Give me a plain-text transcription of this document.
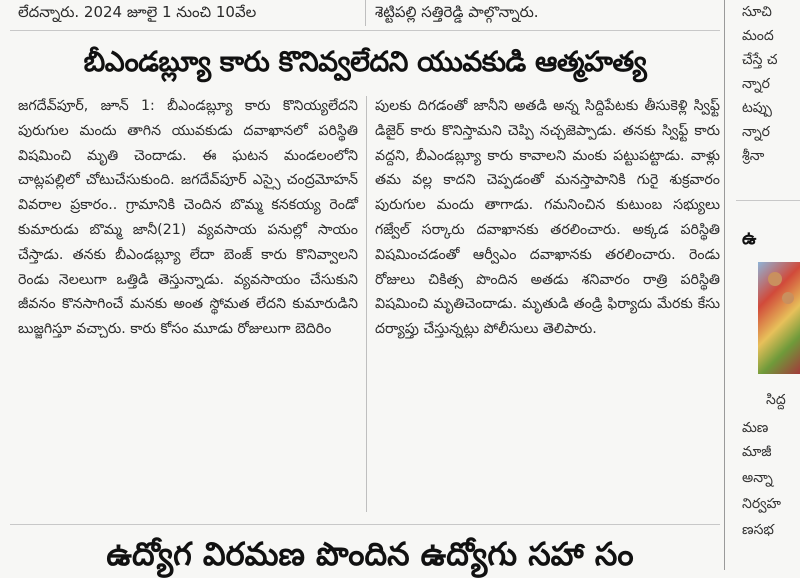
లేదన్నారు. 2024 జూలై 1 నుంచి 10వేల	శెట్టిపల్లి సత్తిరెడ్డి పాల్గొన్నారు.
బీఎండబ్ల్యూ కారు కొనివ్వలేదని యువకుడి ఆత్మహత్య

జగదేవ్‌పూర్, జూన్ 1: బీఎండబ్ల్యూ కారు కొనియ్యలేదని పురుగుల మందు తాగిన యువకుడు దవాఖానలో పరిస్థితి విషమించి మృతి చెందాడు. ఈ ఘటన మండలంలోని చాట్లపల్లిలో చోటుచేసుకుంది. జగదేవ్‌పూర్ ఎస్సై చంద్రమోహన్ వివరాల ప్రకారం.. గ్రామానికి చెందిన బొమ్మ కనకయ్య రెండో కుమారుడు బొమ్మ జానీ(21) వ్యవసాయ పనుల్లో సాయం చేస్తాడు. తనకు బీఎండబ్ల్యూ లేదా బెంజ్ కారు కొనివ్వాలని రెండు నెలలుగా ఒత్తిడి తెస్తున్నాడు. వ్యవసాయం చేసుకుని జీవనం కొనసాగించే మనకు అంత స్థోమత లేదని కుమారుడిని బుజ్జగిస్తూ వచ్చారు. కారు కోసం మూడు రోజులుగా బెదిరిం

పులకు దిగడంతో జానీని అతడి అన్న సిద్దిపేటకు తీసుకెళ్లి స్విఫ్ట్ డిజైర్ కారు కొనిస్తామని చెప్పి నచ్చజెప్పాడు. తనకు స్విఫ్ట్ కారు వద్దని, బీఎండబ్ల్యూ కారు కావాలని మంకు పట్టుపట్టాడు. వాళ్లు తమ వల్ల కాదని చెప్పడంతో మనస్తాపానికి గురై శుక్రవారం పురుగుల మందు తాగాడు. గమనించిన కుటుంబ సభ్యులు గజ్వేల్ సర్కారు దవాఖానకు తరలించారు. అక్కడ పరిస్థితి విషమించడంతో ఆర్వీఎం దవాఖానకు తరలించారు. రెండు రోజులు చికిత్స పొందిన అతడు శనివారం రాత్రి పరిస్థితి విషమించి మృతిచెందాడు. మృతుడి తండ్రి ఫిర్యాదు మేరకు కేసు దర్యాప్తు చేస్తున్నట్లు పోలీసులు తెలిపారు.

ఉద్యోగ విరమణ పొందిన ఉద్యోగు సహా సం
సూచి
మంద
చేస్తే చ
న్నార
టప్పు
న్నార
శ్రీనా
ఉ
సిద్ద
మణ
మాజీ
అన్నా
నిర్వహ
ణసభ
